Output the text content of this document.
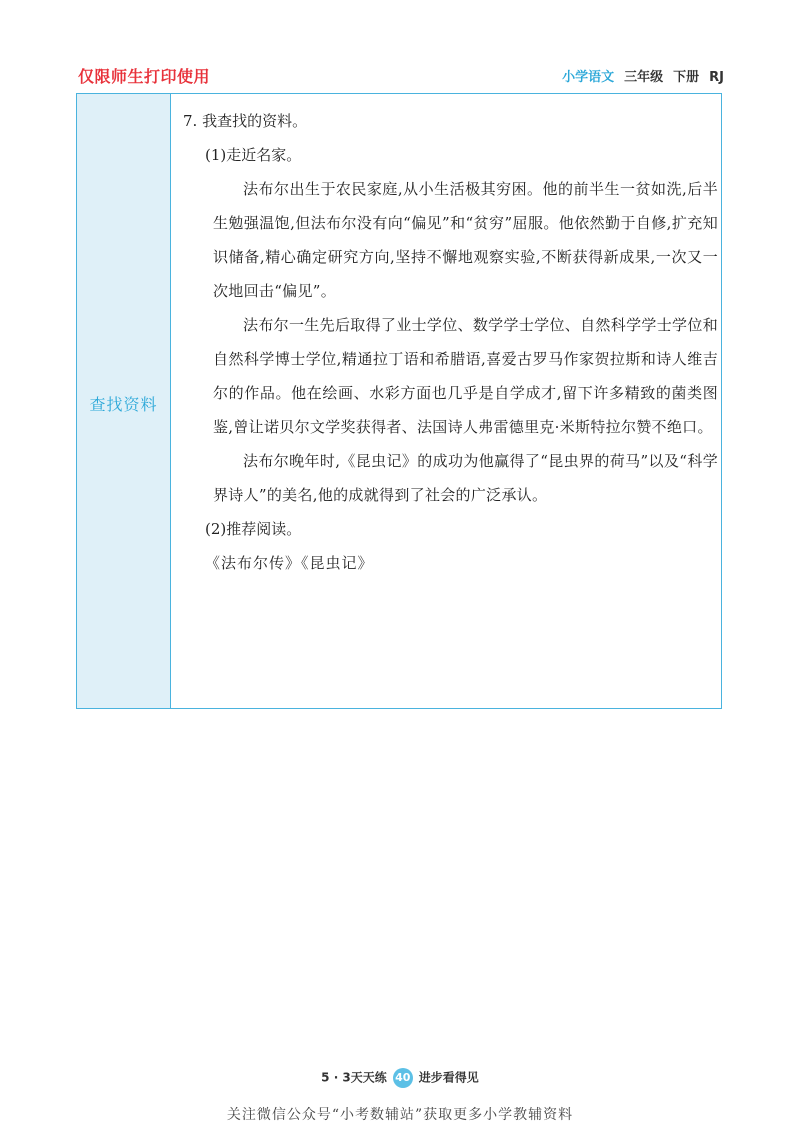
仅限师生打印使用	小学语文 三年级 下册 RJ
查找资料

7. 我查找的资料。

(1)走近名家。

法布尔出生于农民家庭,从小生活极其穷困。他的前半生一贫如洗,后半生勉强温饱,但法布尔没有向“偏见”和“贫穷”屈服。他依然勤于自修,扩充知识储备,精心确定研究方向,坚持不懈地观察实验,不断获得新成果,一次又一次地回击“偏见”。

法布尔一生先后取得了业士学位、数学学士学位、自然科学学士学位和自然科学博士学位,精通拉丁语和希腊语,喜爱古罗马作家贺拉斯和诗人维吉尔的作品。他在绘画、水彩方面也几乎是自学成才,留下许多精致的菌类图鉴,曾让诺贝尔文学奖获得者、法国诗人弗雷德里克·米斯特拉尔赞不绝口。

法布尔晚年时,《昆虫记》的成功为他赢得了“昆虫界的荷马”以及“科学界诗人”的美名,他的成就得到了社会的广泛承认。

(2)推荐阅读。

《法布尔传》《昆虫记》

5 · 3天天练 40 进步看得见
关注微信公众号“小考数辅站”获取更多小学教辅资料
